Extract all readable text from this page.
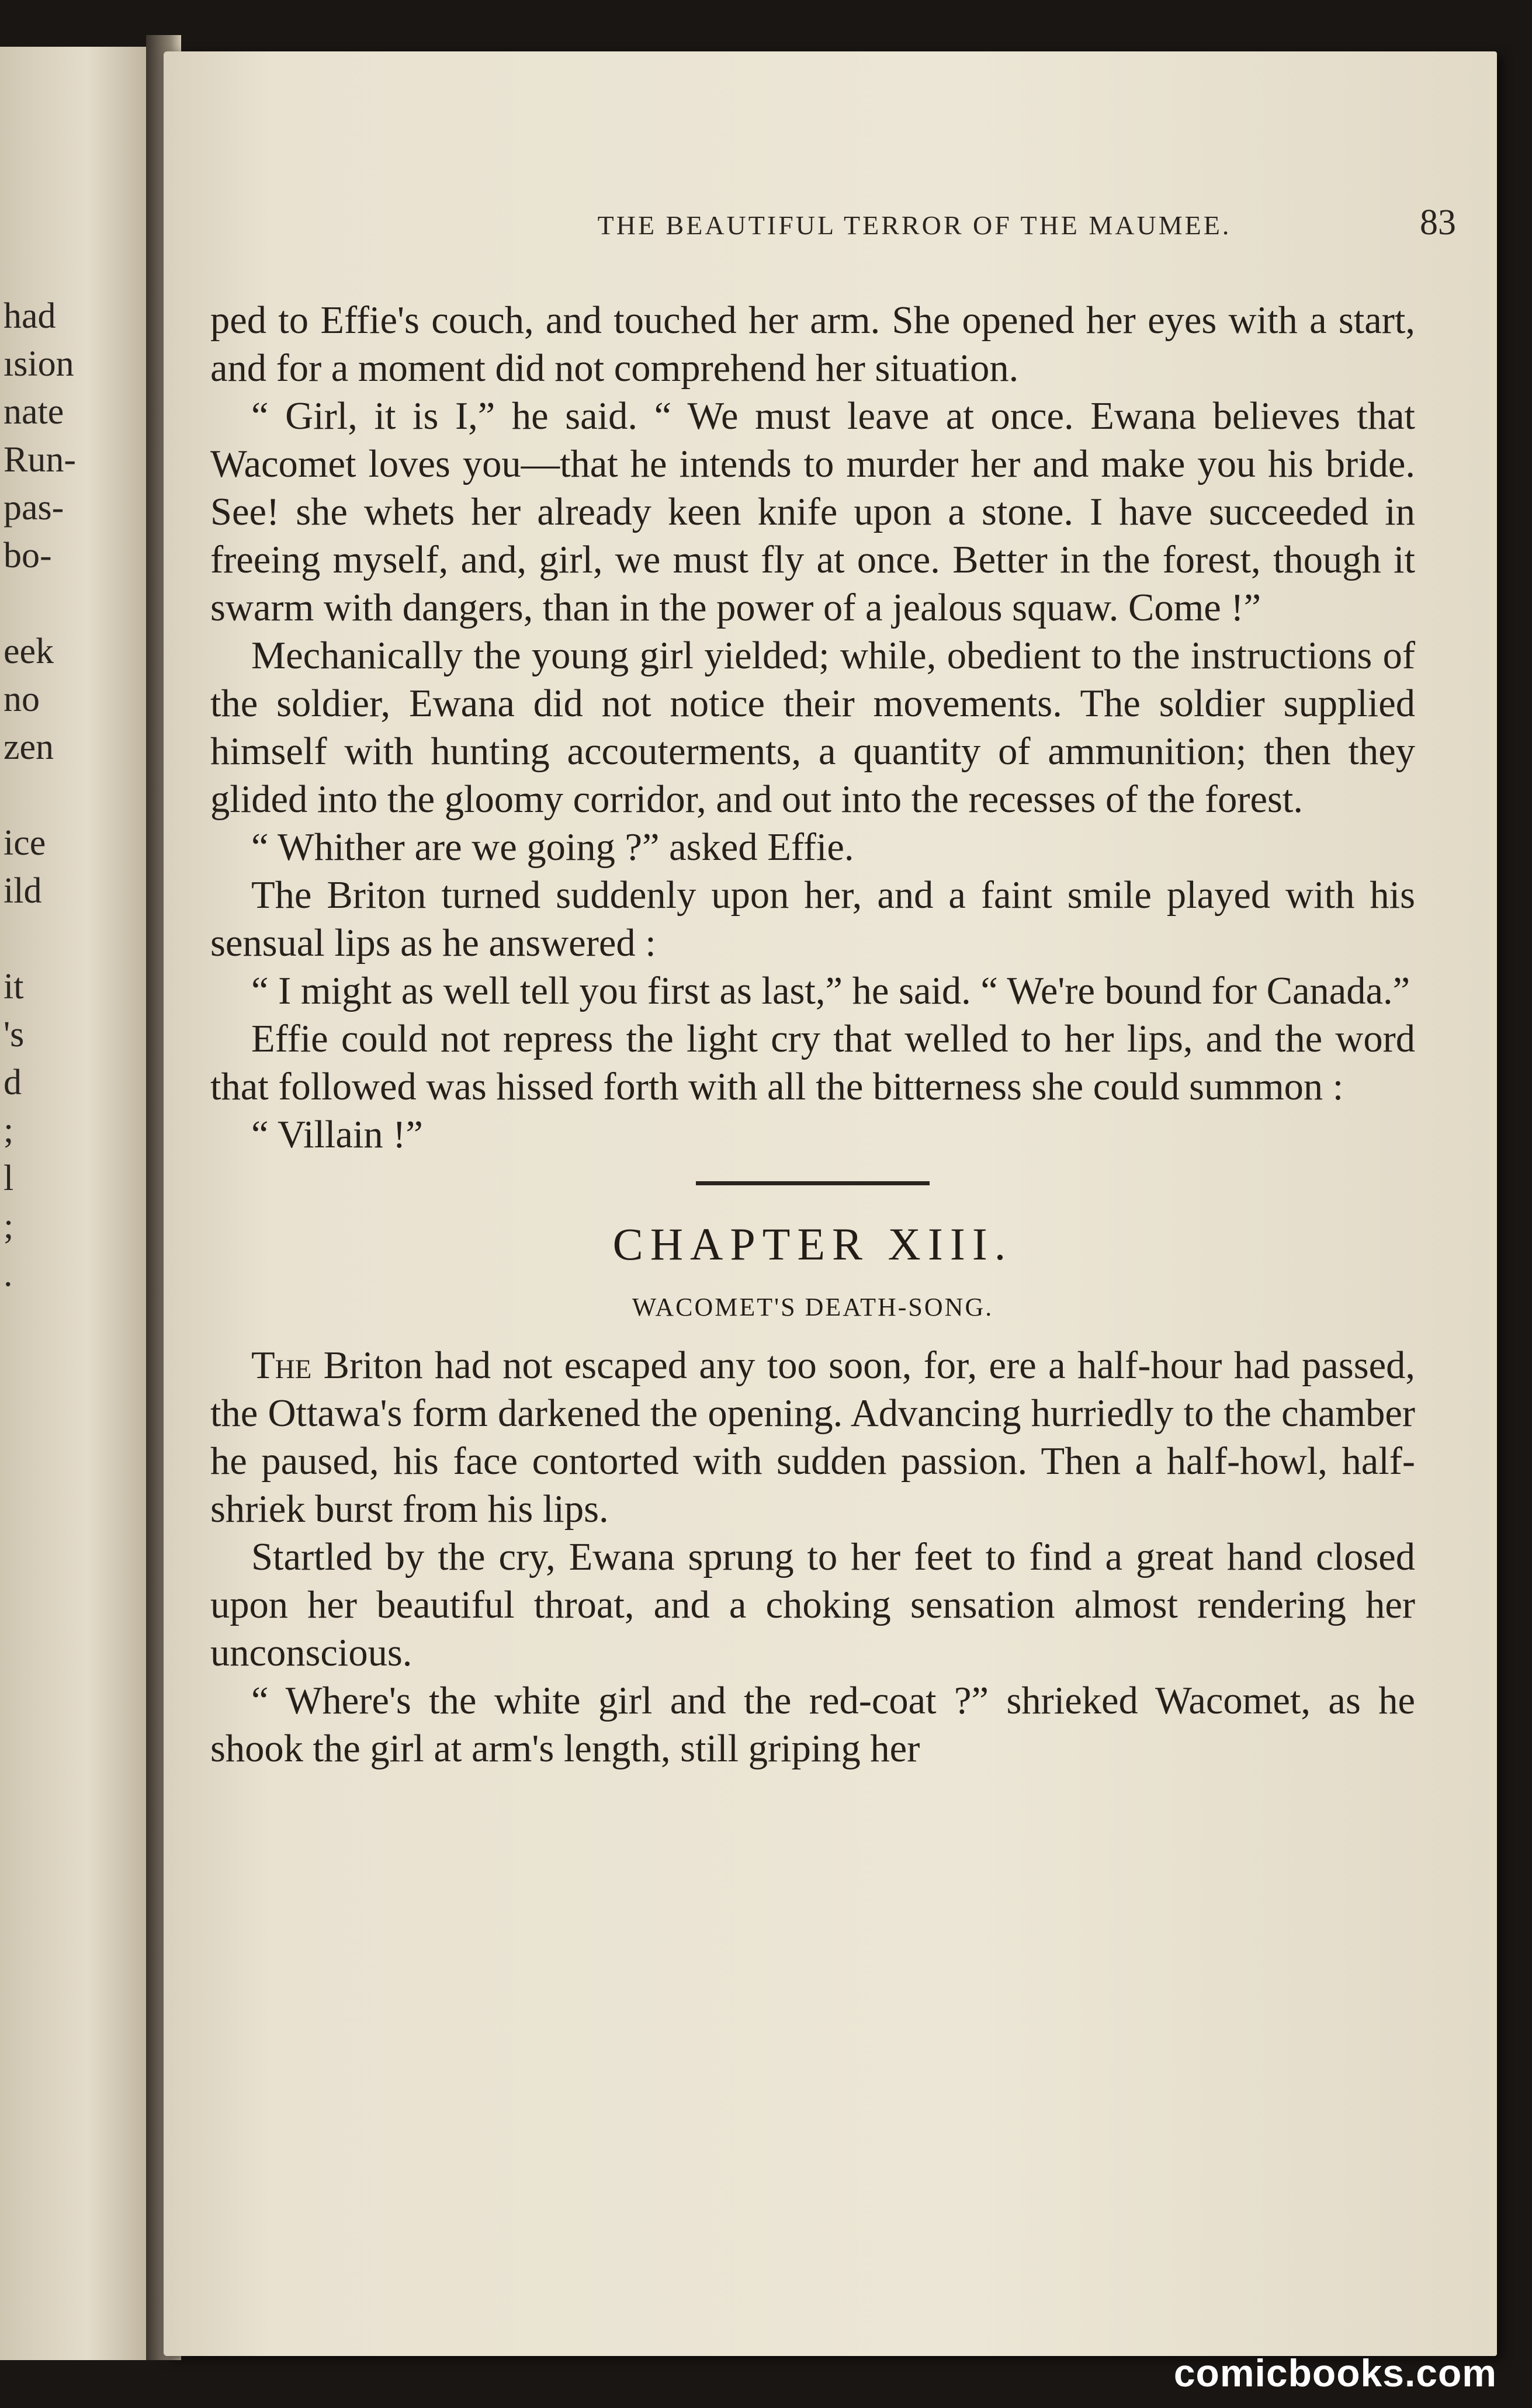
had
ısion
nate
Run-
pas-
bo-
eek
no
zen
ice
ild
it
's
d
;
l
;
.
THE BEAUTIFUL TERROR OF THE MAUMEE.	83

ped to Effie's couch, and touched her arm. She opened her eyes with a start, and for a moment did not comprehend her situation.

“ Girl, it is I,” he said. “ We must leave at once. Ewana believes that Wacomet loves you—that he intends to murder her and make you his bride. See! she whets her already keen knife upon a stone. I have succeeded in freeing myself, and, girl, we must fly at once. Better in the forest, though it swarm with dangers, than in the power of a jealous squaw. Come !”

Mechanically the young girl yielded; while, obedient to the instructions of the soldier, Ewana did not notice their movements. The soldier supplied himself with hunting accouterments, a quantity of ammunition; then they glided into the gloomy corridor, and out into the recesses of the forest.

“ Whither are we going ?” asked Effie.

The Briton turned suddenly upon her, and a faint smile played with his sensual lips as he answered :

“ I might as well tell you first as last,” he said. “ We're bound for Canada.”

Effie could not repress the light cry that welled to her lips, and the word that followed was hissed forth with all the bitterness she could summon :

“ Villain !”

CHAPTER XIII.
WACOMET'S DEATH-SONG.

The Briton had not escaped any too soon, for, ere a half-hour had passed, the Ottawa's form darkened the opening. Advancing hurriedly to the chamber he paused, his face contorted with sudden passion. Then a half-howl, half-shriek burst from his lips.

Startled by the cry, Ewana sprung to her feet to find a great hand closed upon her beautiful throat, and a choking sensation almost rendering her unconscious.

“ Where's the white girl and the red-coat ?” shrieked Wacomet, as he shook the girl at arm's length, still griping her

comicbooks.com
